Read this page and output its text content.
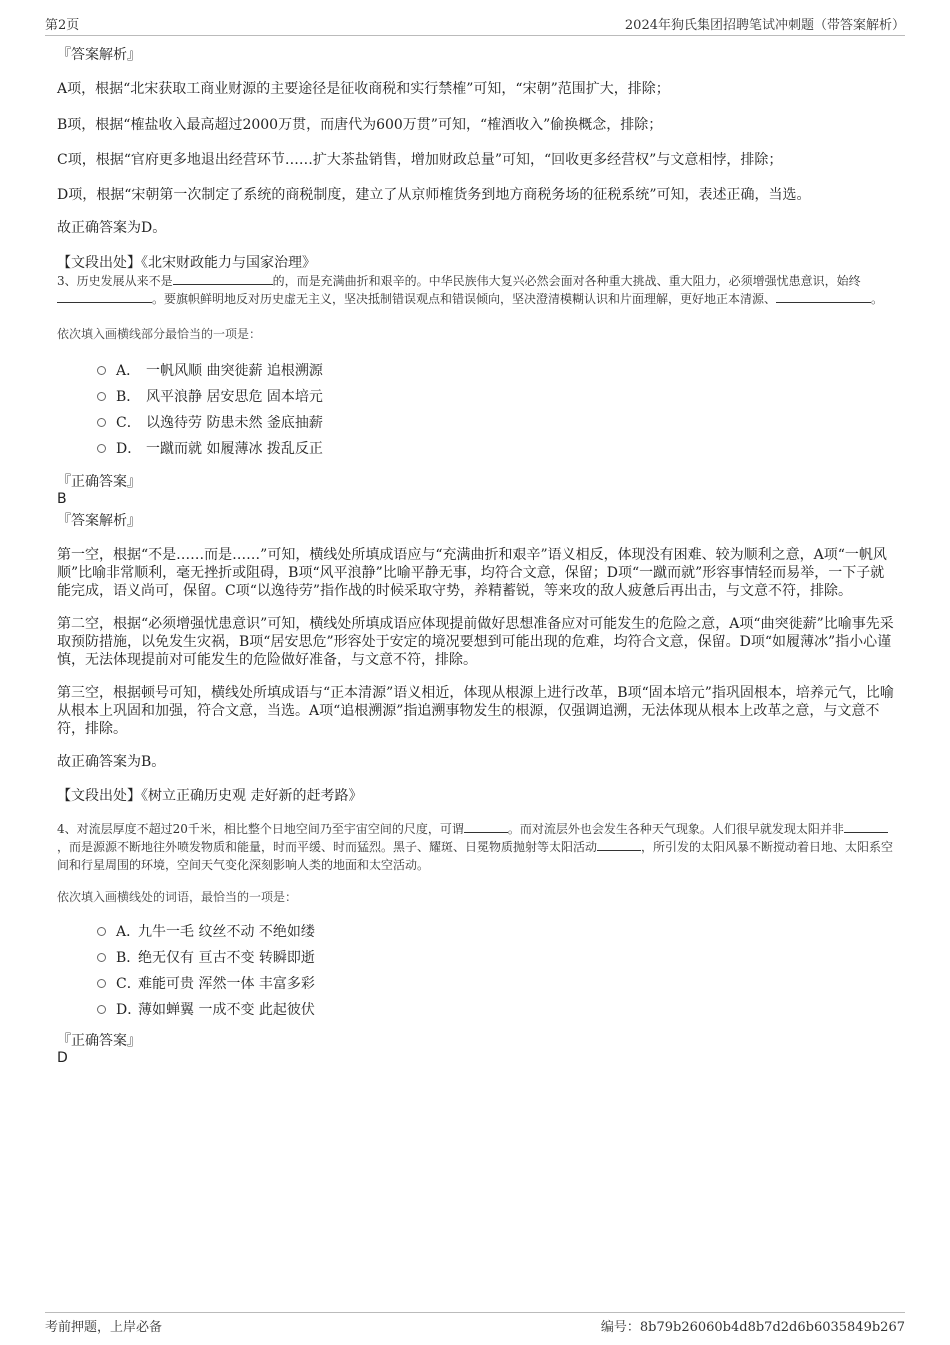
第2页	2024年狗氏集团招聘笔试冲刺题（带答案解析）

『答案解析』

A项，根据“北宋获取工商业财源的主要途径是征收商税和实行禁榷”可知，“宋朝”范围扩大，排除；

B项，根据“榷盐收入最高超过2000万贯，而唐代为600万贯”可知，“榷酒收入”偷换概念，排除；

C项，根据“官府更多地退出经营环节……扩大茶盐销售，增加财政总量”可知，“回收更多经营权”与文意相悖，排除；

D项，根据“宋朝第一次制定了系统的商税制度，建立了从京师榷货务到地方商税务场的征税系统”可知，表述正确，当选。

故正确答案为D。

【文段出处】《北宋财政能力与国家治理》

3、历史发展从来不是	的，而是充满曲折和艰辛的。中华民族伟大复兴必然会面对各种重大挑战、重大阻力，必须增强忧患意识，始终。要旗帜鲜明地反对历史虚无主义，坚决抵制错误观点和错误倾向，坚决澄清模糊认识和片面理解，更好地正本清源、	。

依次填入画横线部分最恰当的一项是：

A． 一帆风顺 曲突徙薪 追根溯源
B． 风平浪静 居安思危 固本培元
C． 以逸待劳 防患未然 釜底抽薪
D． 一蹴而就 如履薄冰 拨乱反正

『正确答案』

B

『答案解析』

第一空，根据“不是……而是……”可知，横线处所填成语应与“充满曲折和艰辛”语义相反，体现没有困难、较为顺利之意，A项“一帆风顺”比喻非常顺利，毫无挫折或阻碍，B项“风平浪静”比喻平静无事，均符合文意，保留；D项“一蹴而就”形容事情轻而易举，一下子就能完成，语义尚可，保留。C项“以逸待劳”指作战的时候采取守势，养精蓄锐，等来攻的敌人疲惫后再出击，与文意不符，排除。

第二空，根据“必须增强忧患意识”可知，横线处所填成语应体现提前做好思想准备应对可能发生的危险之意，A项“曲突徙薪”比喻事先采取预防措施，以免发生灾祸，B项“居安思危”形容处于安定的境况要想到可能出现的危难，均符合文意，保留。D项“如履薄冰”指小心谨慎，无法体现提前对可能发生的危险做好准备，与文意不符，排除。

第三空，根据顿号可知，横线处所填成语与“正本清源”语义相近，体现从根源上进行改革，B项“固本培元”指巩固根本，培养元气，比喻从根本上巩固和加强，符合文意，当选。A项“追根溯源”指追溯事物发生的根源，仅强调追溯，无法体现从根本上改革之意，与文意不符，排除。

故正确答案为B。

【文段出处】《树立正确历史观 走好新的赶考路》

4、对流层厚度不超过20千米，相比整个日地空间乃至宇宙空间的尺度，可谓	。而对流层外也会发生各种天气现象。人们很早就发现太阳并非，而是源源不断地往外喷发物质和能量，时而平缓、时而猛烈。黑子、耀斑、日冕物质抛射等太阳活动	，所引发的太阳风暴不断搅动着日地、太阳系空间和行星周围的环境，空间天气变化深刻影响人类的地面和太空活动。

依次填入画横线处的词语，最恰当的一项是：

A．
九牛一毛 纹丝不动 不绝如缕
B．
绝无仅有 亘古不变 转瞬即逝
C．
难能可贵 浑然一体 丰富多彩
D．
薄如蝉翼 一成不变 此起彼伏

『正确答案』

D

考前押题，上岸必备	编号：8b79b26060b4d8b7d2d6b6035849b267
